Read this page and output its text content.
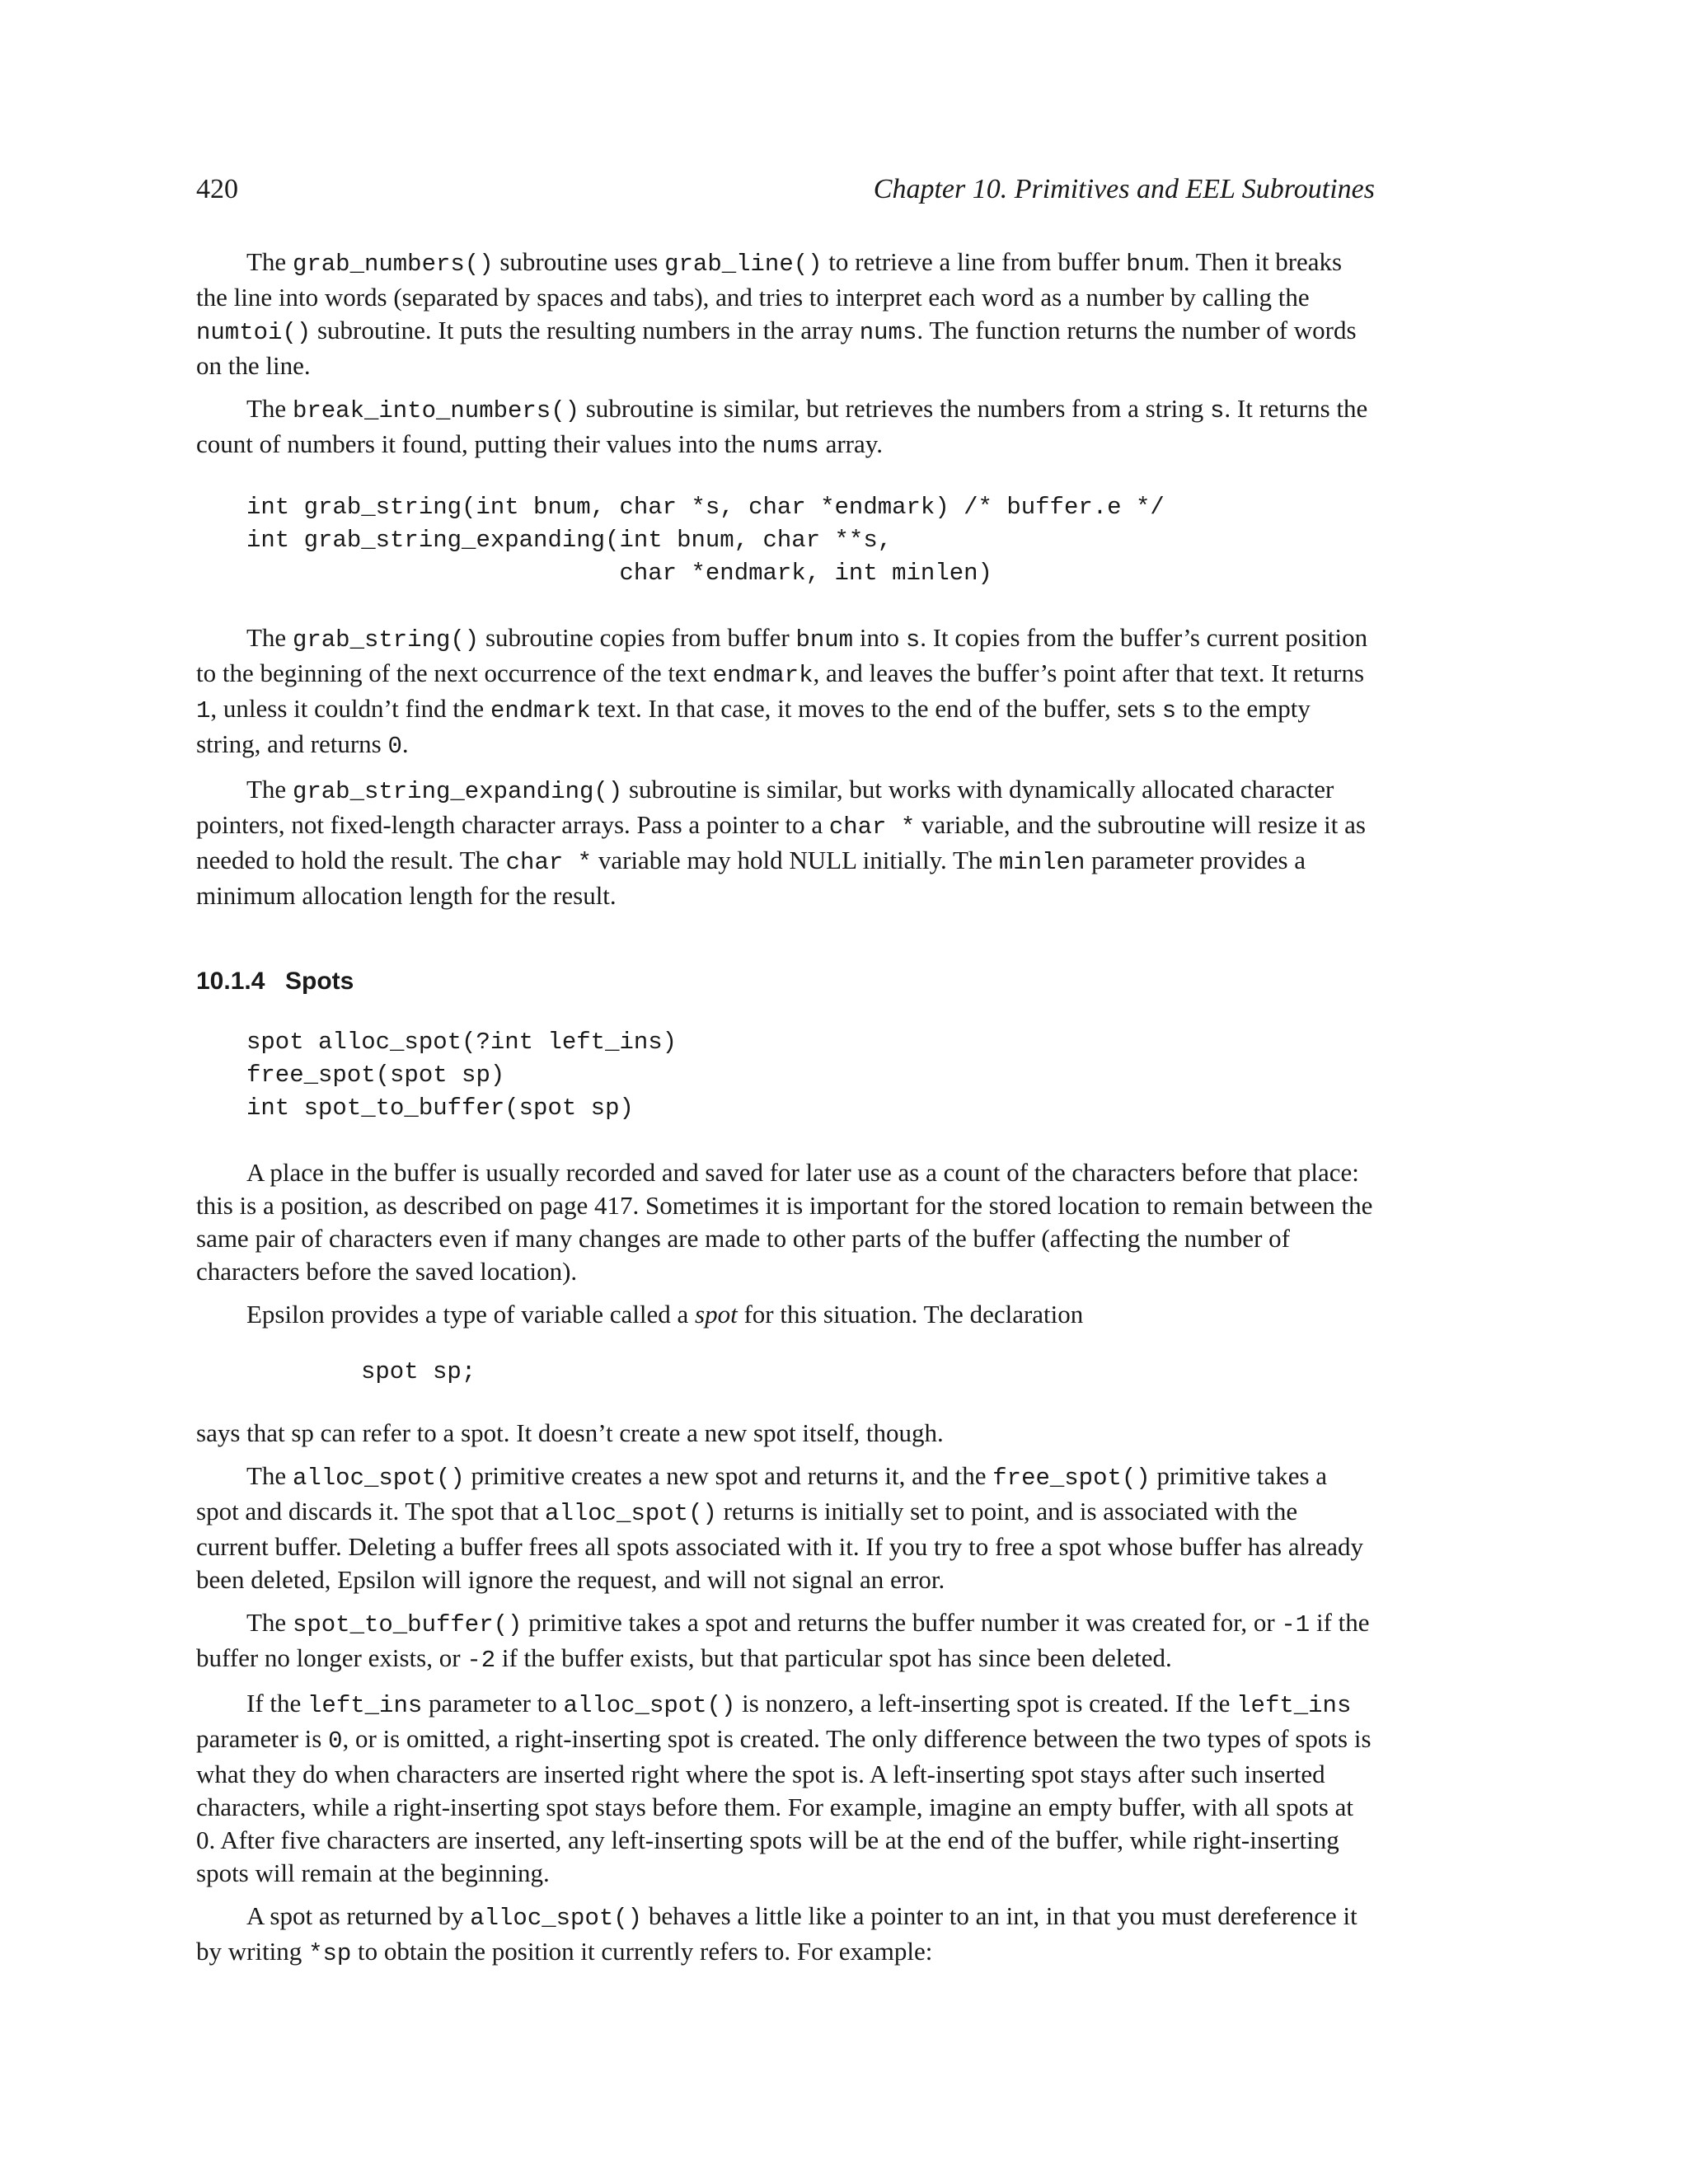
420	Chapter 10. Primitives and EEL Subroutines

The grab_numbers() subroutine uses grab_line() to retrieve a line from buffer bnum. Then it breaks the line into words (separated by spaces and tabs), and tries to interpret each word as a number by calling the numtoi() subroutine. It puts the resulting numbers in the array nums. The function returns the number of words on the line.

The break_into_numbers() subroutine is similar, but retrieves the numbers from a string s. It returns the count of numbers it found, putting their values into the nums array.

int grab_string(int bnum, char *s, char *endmark) /* buffer.e */
int grab_string_expanding(int bnum, char **s,
char *endmark, int minlen)

The grab_string() subroutine copies from buffer bnum into s. It copies from the buffer’s current position to the beginning of the next occurrence of the text endmark, and leaves the buffer’s point after that text. It returns 1, unless it couldn’t find the endmark text. In that case, it moves to the end of the buffer, sets s to the empty string, and returns 0.

The grab_string_expanding() subroutine is similar, but works with dynamically allocated character pointers, not fixed-length character arrays. Pass a pointer to a char * variable, and the subroutine will resize it as needed to hold the result. The char * variable may hold NULL initially. The minlen parameter provides a minimum allocation length for the result.

10.1.4 Spots
spot alloc_spot(?int left_ins)
free_spot(spot sp)
int spot_to_buffer(spot sp)

A place in the buffer is usually recorded and saved for later use as a count of the characters before that place: this is a position, as described on page 417. Sometimes it is important for the stored location to remain between the same pair of characters even if many changes are made to other parts of the buffer (affecting the number of characters before the saved location).

Epsilon provides a type of variable called a spot for this situation. The declaration

spot sp;

says that sp can refer to a spot. It doesn’t create a new spot itself, though.

The alloc_spot() primitive creates a new spot and returns it, and the free_spot() primitive takes a spot and discards it. The spot that alloc_spot() returns is initially set to point, and is associated with the current buffer. Deleting a buffer frees all spots associated with it. If you try to free a spot whose buffer has already been deleted, Epsilon will ignore the request, and will not signal an error.

The spot_to_buffer() primitive takes a spot and returns the buffer number it was created for, or -1 if the buffer no longer exists, or -2 if the buffer exists, but that particular spot has since been deleted.

If the left_ins parameter to alloc_spot() is nonzero, a left-inserting spot is created. If the left_ins parameter is 0, or is omitted, a right-inserting spot is created. The only difference between the two types of spots is what they do when characters are inserted right where the spot is. A left-inserting spot stays after such inserted characters, while a right-inserting spot stays before them. For example, imagine an empty buffer, with all spots at 0. After five characters are inserted, any left-inserting spots will be at the end of the buffer, while right-inserting spots will remain at the beginning.

A spot as returned by alloc_spot() behaves a little like a pointer to an int, in that you must dereference it by writing *sp to obtain the position it currently refers to. For example:
